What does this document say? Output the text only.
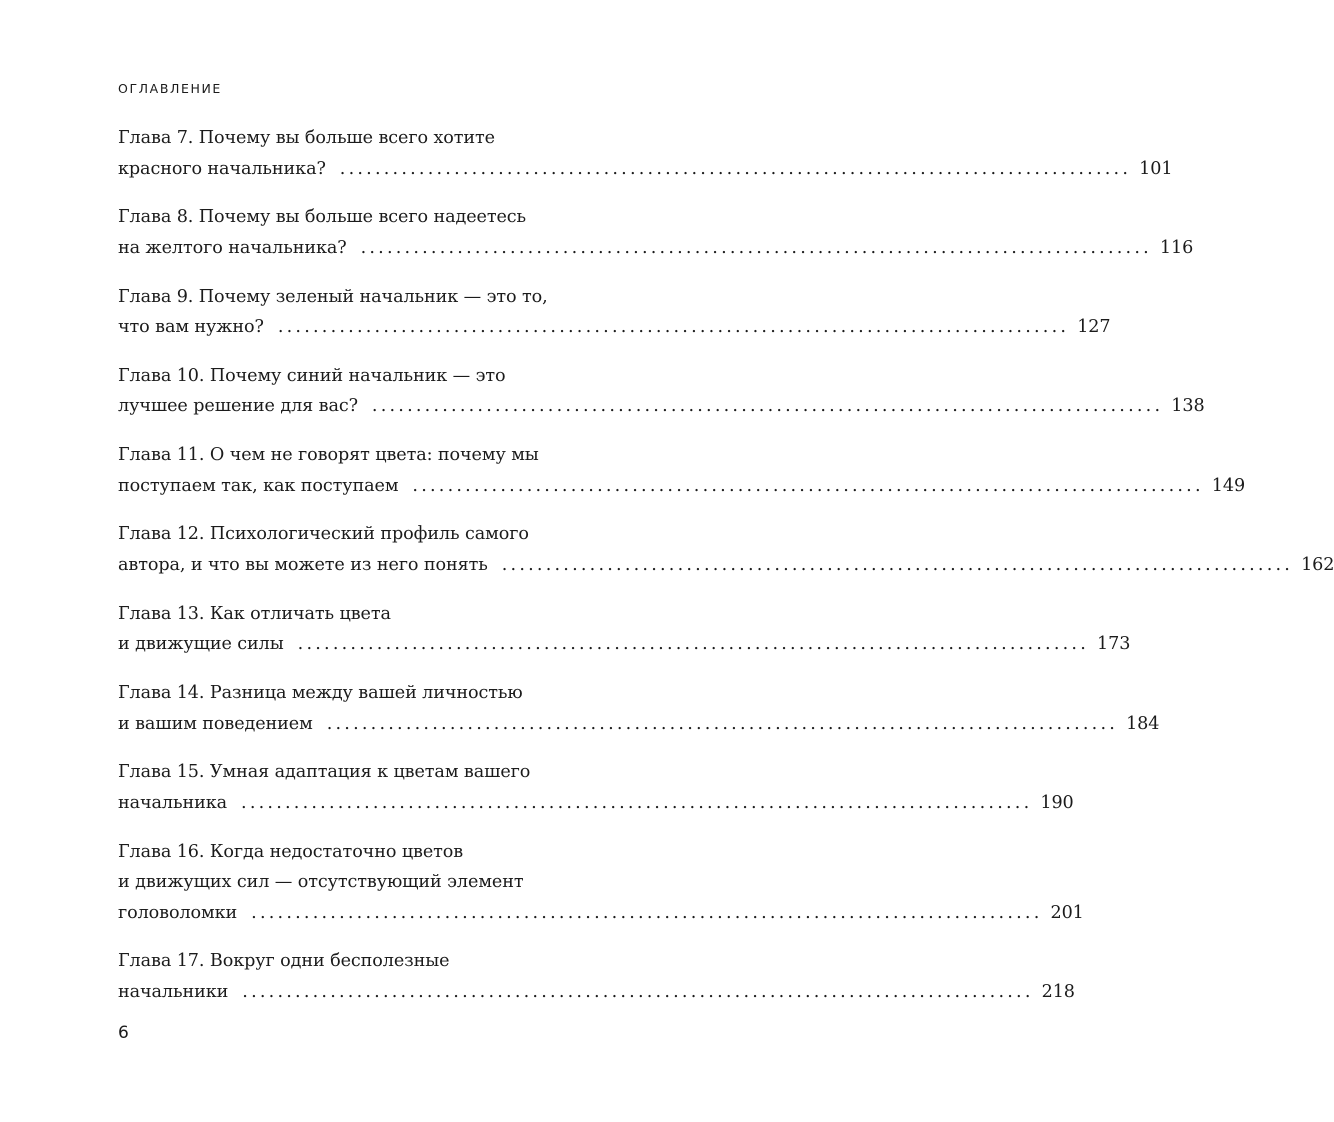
ОГЛАВЛЕНИЕ
Глава 7. Почему вы больше всего хотите
красного начальника? .......................................................................................... 101
Глава 8. Почему вы больше всего надеетесь
на желтого начальника? .......................................................................................... 116
Глава 9. Почему зеленый начальник — это то,
что вам нужно? .......................................................................................... 127
Глава 10. Почему синий начальник — это
лучшее решение для вас? .......................................................................................... 138
Глава 11. О чем не говорят цвета: почему мы
поступаем так, как поступаем .......................................................................................... 149
Глава 12. Психологический профиль самого
автора, и что вы можете из него понять .......................................................................................... 162
Глава 13. Как отличать цвета
и движущие силы .......................................................................................... 173
Глава 14. Разница между вашей личностью
и вашим поведением .......................................................................................... 184
Глава 15. Умная адаптация к цветам вашего
начальника .......................................................................................... 190
Глава 16. Когда недостаточно цветов
и движущих сил — отсутствующий элемент
головоломки .......................................................................................... 201
Глава 17. Вокруг одни бесполезные
начальники .......................................................................................... 218
6
